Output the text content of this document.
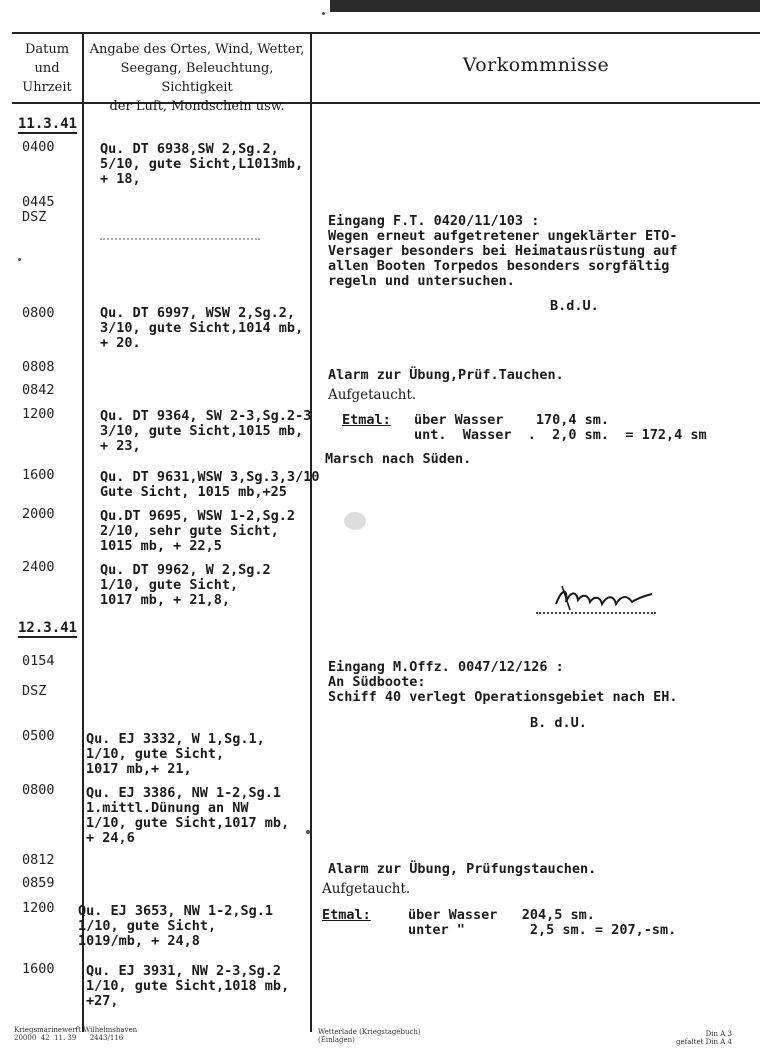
Datum
und
Uhrzeit
Angabe des Ortes, Wind, Wetter,
Seegang, Beleuchtung, Sichtigkeit
der Luft, Mondschein usw.
Vorkommnisse
11.3.41
12.3.41
0400
0445
DSZ
0800
0808
0842
1200
1600
2000
2400
0154

DSZ
0500
0800
0812
0859
1200
1600
Qu. DT 6938,SW 2,Sg.2,
5/10, gute Sicht,L​1013mb,
+ 18,
Qu. DT 6997, WSW 2,Sg.2,
3/10, gute Sicht,1014 mb,
+ 20.
Qu. DT 9364, SW 2-3,Sg.2-3
3/10, gute Sicht,1015 mb,
+ 23,
Qu. DT 9631,WSW 3,Sg.3,3/10
Gute Sicht, 1015 mb,+25
Qu.DT 9695, WSW 1-2,Sg.2
2/10, sehr gute Sicht,
1015 mb, + 22,5
Qu. DT 9962, W 2,Sg.2
1/10, gute Sicht,
1017 mb, + 21,8,
Qu. EJ 3332, W 1,Sg.1,
1/10, gute Sicht,
1017 mb,+ 21,
Qu. EJ 3386, NW 1-2,Sg.1
1.mittl.Dünung an NW
1/10, gute Sicht,1017 mb,
+ 24,6
Qu. EJ 3653, NW 1-2,Sg.1
1/10, gute Sicht,
1019/mb, + 24,8
Qu. EJ 3931, NW 2-3,Sg.2
1/10, gute Sicht,1018 mb,
+27,
Eingang F.T. 0420/11/103 :
Wegen erneut aufgetretener ungeklärter ETO-
Versager besonders bei Heimatausrüstung auf
allen Booten Torpedos besonders sorgfältig
regeln und untersuchen.
B.d.U.
Alarm zur Übung,Prüf.Tauchen.
Aufgetaucht.
Etmal: über Wasser    170,4 sm.
unt.  Wasser  .  2,0 sm.  = 172,4 sm
Marsch nach Süden.
Eingang M.Offz. 0047/12/126 :
An Südboote:
Schiff 40 verlegt Operationsgebiet nach EH.
B. d.U.
Alarm zur Übung, Prüfungstauchen.
Aufgetaucht.
Etmal:	über Wasser   204,5 sm.
unter "        2,5 sm. = 207,-sm.
Kriegsmarinewerft Wilhelmshaven
20000  42  11. 39      2443/116
Wetterlade (Kriegstagebuch)
(Einlagen)
Din A 3
gefaltet Din A 4
